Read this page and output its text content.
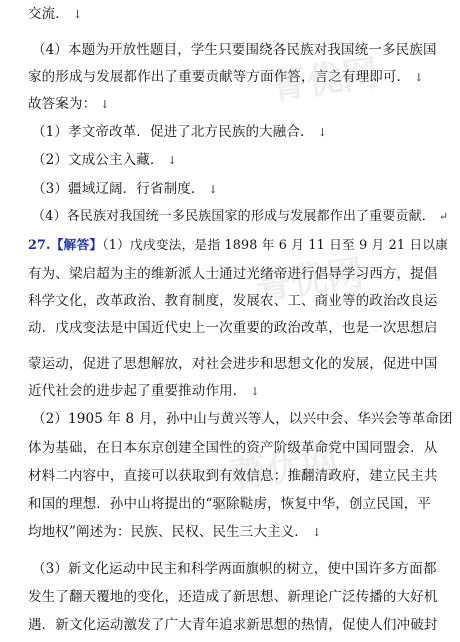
菁优网
菁优网
菁优网
交流． ↓
（4）本题为开放性题目，学生只要围绕各民族对我国统一多民族国
家的形成与发展都作出了重要贡献等方面作答，言之有理即可． ↓
故答案为： ↓
（1）孝文帝改革．促进了北方民族的大融合． ↓
（2）文成公主入藏． ↓
（3）疆域辽阔．行省制度． ↓
（4）各民族对我国统一多民族国家的形成与发展都作出了重要贡献． ↵
27.【解答】（1）戊戌变法，是指 1898 年 6 月 11 日至 9 月 21 日以康
有为、梁启超为主的维新派人士通过光绪帝进行倡导学习西方，提倡
科学文化，改革政治、教育制度，发展农、工、商业等的政治改良运
动．戊戌变法是中国近代史上一次重要的政治改革，也是一次思想启
蒙运动，促进了思想解放，对社会进步和思想文化的发展，促进中国
近代社会的进步起了重要推动作用． ↓
（2）1905 年 8 月，孙中山与黄兴等人，以兴中会、华兴会等革命团
体为基础，在日本东京创建全国性的资产阶级革命党中国同盟会．从
材料二内容中，直接可以获取到有效信息：推翻清政府，建立民主共
和国的理想．孙中山将提出的“驱除鞑虏，恢复中华，创立民国，平
均地权”阐述为：民族、民权、民生三大主义． ↓
（3）新文化运动中民主和科学两面旗帜的树立，使中国许多方面都
发生了翻天覆地的变化，还造成了新思想、新理论广泛传播的大好机
遇．新文化运动激发了广大青年追求新思想的热情，促使人们冲破封
